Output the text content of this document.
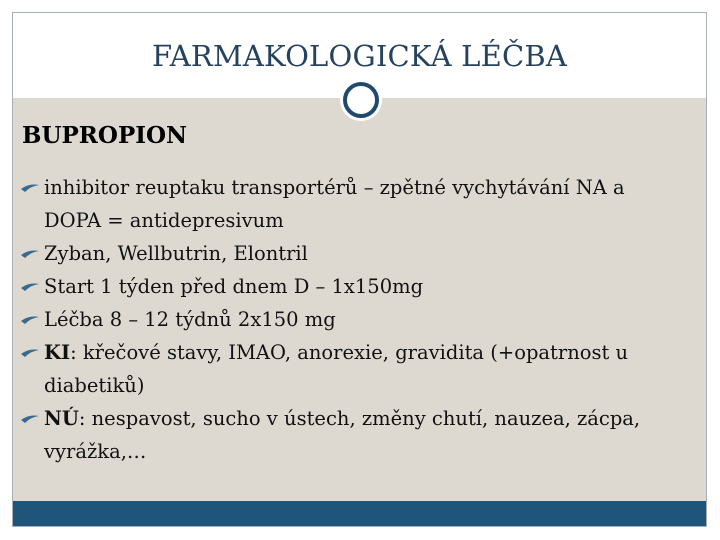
FARMAKOLOGICKÁ LÉČBA
BUPROPION
inhibitor reuptaku transportérů – zpětné vychytávání NA a DOPA = antidepresivum
Zyban, Wellbutrin, Elontril
Start 1 týden před dnem D – 1x150mg
Léčba 8 – 12 týdnů 2x150 mg
KI: křečové stavy, IMAO, anorexie, gravidita (+opatrnost u diabetiků)
NÚ: nespavost, sucho v ústech, změny chutí, nauzea, zácpa, vyrážka,…
